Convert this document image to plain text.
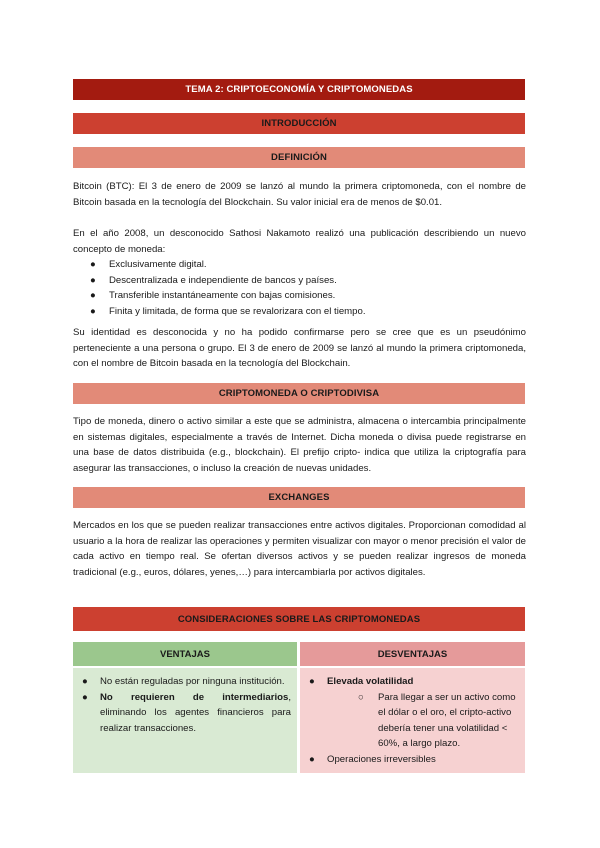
TEMA 2: CRIPTOECONOMÍA Y CRIPTOMONEDAS
INTRODUCCIÓN
DEFINICIÓN

Bitcoin (BTC): El 3 de enero de 2009 se lanzó al mundo la primera criptomoneda, con el nombre de Bitcoin basada en la tecnología del Blockchain. Su valor inicial era de menos de $0.01.

En el año 2008, un desconocido Sathosi Nakamoto realizó una publicación describiendo un nuevo concepto de moneda:

● Exclusivamente digital.
● Descentralizada e independiente de bancos y países.
● Transferible instantáneamente con bajas comisiones.
● Finita y limitada, de forma que se revalorizara con el tiempo.

Su identidad es desconocida y no ha podido confirmarse pero se cree que es un pseudónimo perteneciente a una persona o grupo. El 3 de enero de 2009 se lanzó al mundo la primera criptomoneda, con el nombre de Bitcoin basada en la tecnología del Blockchain.

CRIPTOMONEDA O CRIPTODIVISA

Tipo de moneda, dinero o activo similar a este que se administra, almacena o intercambia principalmente en sistemas digitales, especialmente a través de Internet. Dicha moneda o divisa puede registrarse en una base de datos distribuida (e.g., blockchain). El prefijo cripto- indica que utiliza la criptografía para asegurar las transacciones, o incluso la creación de nuevas unidades.

EXCHANGES

Mercados en los que se pueden realizar transacciones entre activos digitales. Proporcionan comodidad al usuario a la hora de realizar las operaciones y permiten visualizar con mayor o menor precisión el valor de cada activo en tiempo real. Se ofertan diversos activos y se pueden realizar ingresos de moneda tradicional (e.g., euros, dólares, yenes,…) para intercambiarla por activos digitales.

CONSIDERACIONES SOBRE LAS CRIPTOMONEDAS
VENTAJAS
● No están reguladas por ninguna institución.
● No requieren de intermediarios, eliminando los agentes financieros para realizar transacciones.
DESVENTAJAS
● Elevada volatilidad
○ Para llegar a ser un activo como el dólar o el oro, el cripto-activo debería tener una volatilidad < 60%, a largo plazo.
● Operaciones irreversibles
